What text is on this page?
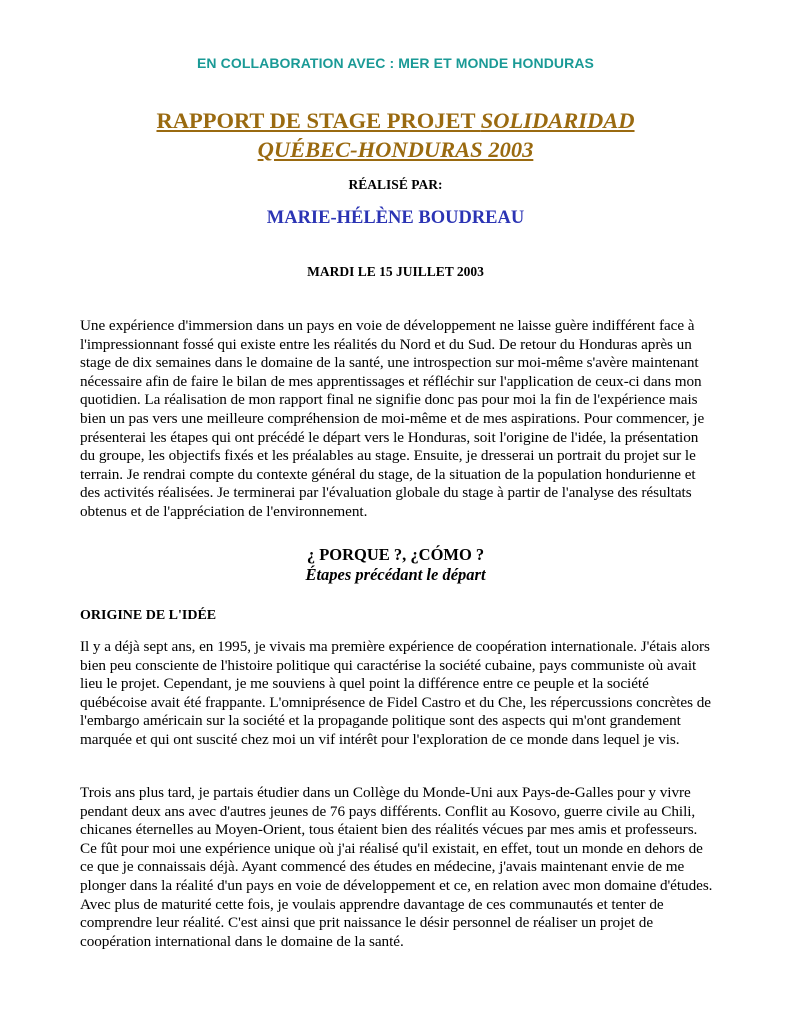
EN COLLABORATION AVEC : MER ET MONDE HONDURAS
RAPPORT DE STAGE PROJET SOLIDARIDAD
QUÉBEC-HONDURAS 2003
RÉALISÉ PAR:
MARIE-HÉLÈNE BOUDREAU
MARDI LE 15 JUILLET 2003

Une expérience d'immersion dans un pays en voie de développement ne laisse guère indifférent face à l'impressionnant fossé qui existe entre les réalités du Nord et du Sud. De retour du Honduras après un stage de dix semaines dans le domaine de la santé, une introspection sur moi-même s'avère maintenant nécessaire afin de faire le bilan de mes apprentissages et réfléchir sur l'application de ceux-ci dans mon quotidien. La réalisation de mon rapport final ne signifie donc pas pour moi la fin de l'expérience mais bien un pas vers une meilleure compréhension de moi-même et de mes aspirations. Pour commencer, je présenterai les étapes qui ont précédé le départ vers le Honduras, soit l'origine de l'idée, la présentation du groupe, les objectifs fixés et les préalables au stage. Ensuite, je dresserai un portrait du projet sur le terrain. Je rendrai compte du contexte général du stage, de la situation de la population hondurienne et des activités réalisées. Je terminerai par l'évaluation globale du stage à partir de l'analyse des résultats obtenus et de l'appréciation de l'environnement.

¿ PORQUE ?, ¿CÓMO ?
Étapes précédant le départ
ORIGINE DE L'IDÉE

Il y a déjà sept ans, en 1995, je vivais ma première expérience de coopération internationale. J'étais alors bien peu consciente de l'histoire politique qui caractérise la société cubaine, pays communiste où avait lieu le projet. Cependant, je me souviens à quel point la différence entre ce peuple et la société québécoise avait été frappante. L'omniprésence de Fidel Castro et du Che, les répercussions concrètes de l'embargo américain sur la société et la propagande politique sont des aspects qui m'ont grandement marquée et qui ont suscité chez moi un vif intérêt pour l'exploration de ce monde dans lequel je vis.

Trois ans plus tard, je partais étudier dans un Collège du Monde-Uni aux Pays-de-Galles pour y vivre pendant deux ans avec d'autres jeunes de 76 pays différents. Conflit au Kosovo, guerre civile au Chili, chicanes éternelles au Moyen-Orient, tous étaient bien des réalités vécues par mes amis et professeurs. Ce fût pour moi une expérience unique où j'ai réalisé qu'il existait, en effet, tout un monde en dehors de ce que je connaissais déjà. Ayant commencé des études en médecine, j'avais maintenant envie de me plonger dans la réalité d'un pays en voie de développement et ce, en relation avec mon domaine d'études. Avec plus de maturité cette fois, je voulais apprendre davantage de ces communautés et tenter de comprendre leur réalité. C'est ainsi que prit naissance le désir personnel de réaliser un projet de coopération international dans le domaine de la santé.
